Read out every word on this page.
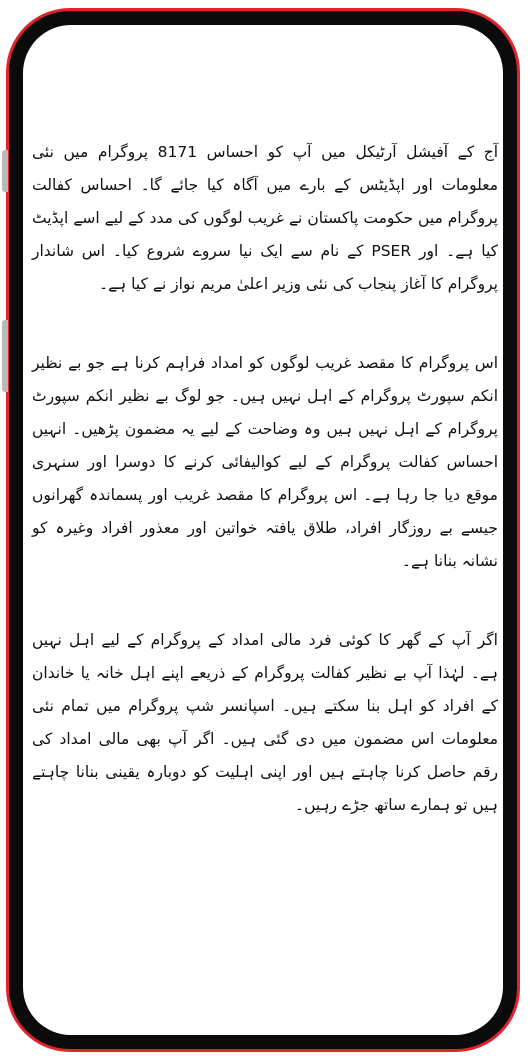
آج کے آفیشل آرٹیکل میں آپ کو احساس 8171 پروگرام میں نئی معلومات اور اپڈیٹس کے بارے میں آگاہ کیا جائے گا۔ احساس کفالت پروگرام میں حکومت پاکستان نے غریب لوگوں کی مدد کے لیے اسے اپڈیٹ کیا ہے۔ اور PSER کے نام سے ایک نیا سروے شروع کیا۔ اس شاندار پروگرام کا آغاز پنجاب کی نئی وزیر اعلیٰ مریم نواز نے کیا ہے۔

اس پروگرام کا مقصد غریب لوگوں کو امداد فراہم کرنا ہے جو بے نظیر انکم سپورٹ پروگرام کے اہل نہیں ہیں۔ جو لوگ بے نظیر انکم سپورٹ پروگرام کے اہل نہیں ہیں وہ وضاحت کے لیے یہ مضمون پڑھیں۔ انہیں احساس کفالت پروگرام کے لیے کوالیفائی کرنے کا دوسرا اور سنہری موقع دیا جا رہا ہے۔ اس پروگرام کا مقصد غریب اور پسماندہ گھرانوں جیسے بے روزگار افراد، طلاق یافتہ خواتین اور معذور افراد وغیرہ کو نشانہ بنانا ہے۔

اگر آپ کے گھر کا کوئی فرد مالی امداد کے پروگرام کے لیے اہل نہیں ہے۔ لہٰذا آپ بے نظیر کفالت پروگرام کے ذریعے اپنے اہل خانہ یا خاندان کے افراد کو اہل بنا سکتے ہیں۔ اسپانسر شپ پروگرام میں تمام نئی معلومات اس مضمون میں دی گئی ہیں۔ اگر آپ بھی مالی امداد کی رقم حاصل کرنا چاہتے ہیں اور اپنی اہلیت کو دوبارہ یقینی بنانا چاہتے ہیں تو ہمارے ساتھ جڑے رہیں۔
